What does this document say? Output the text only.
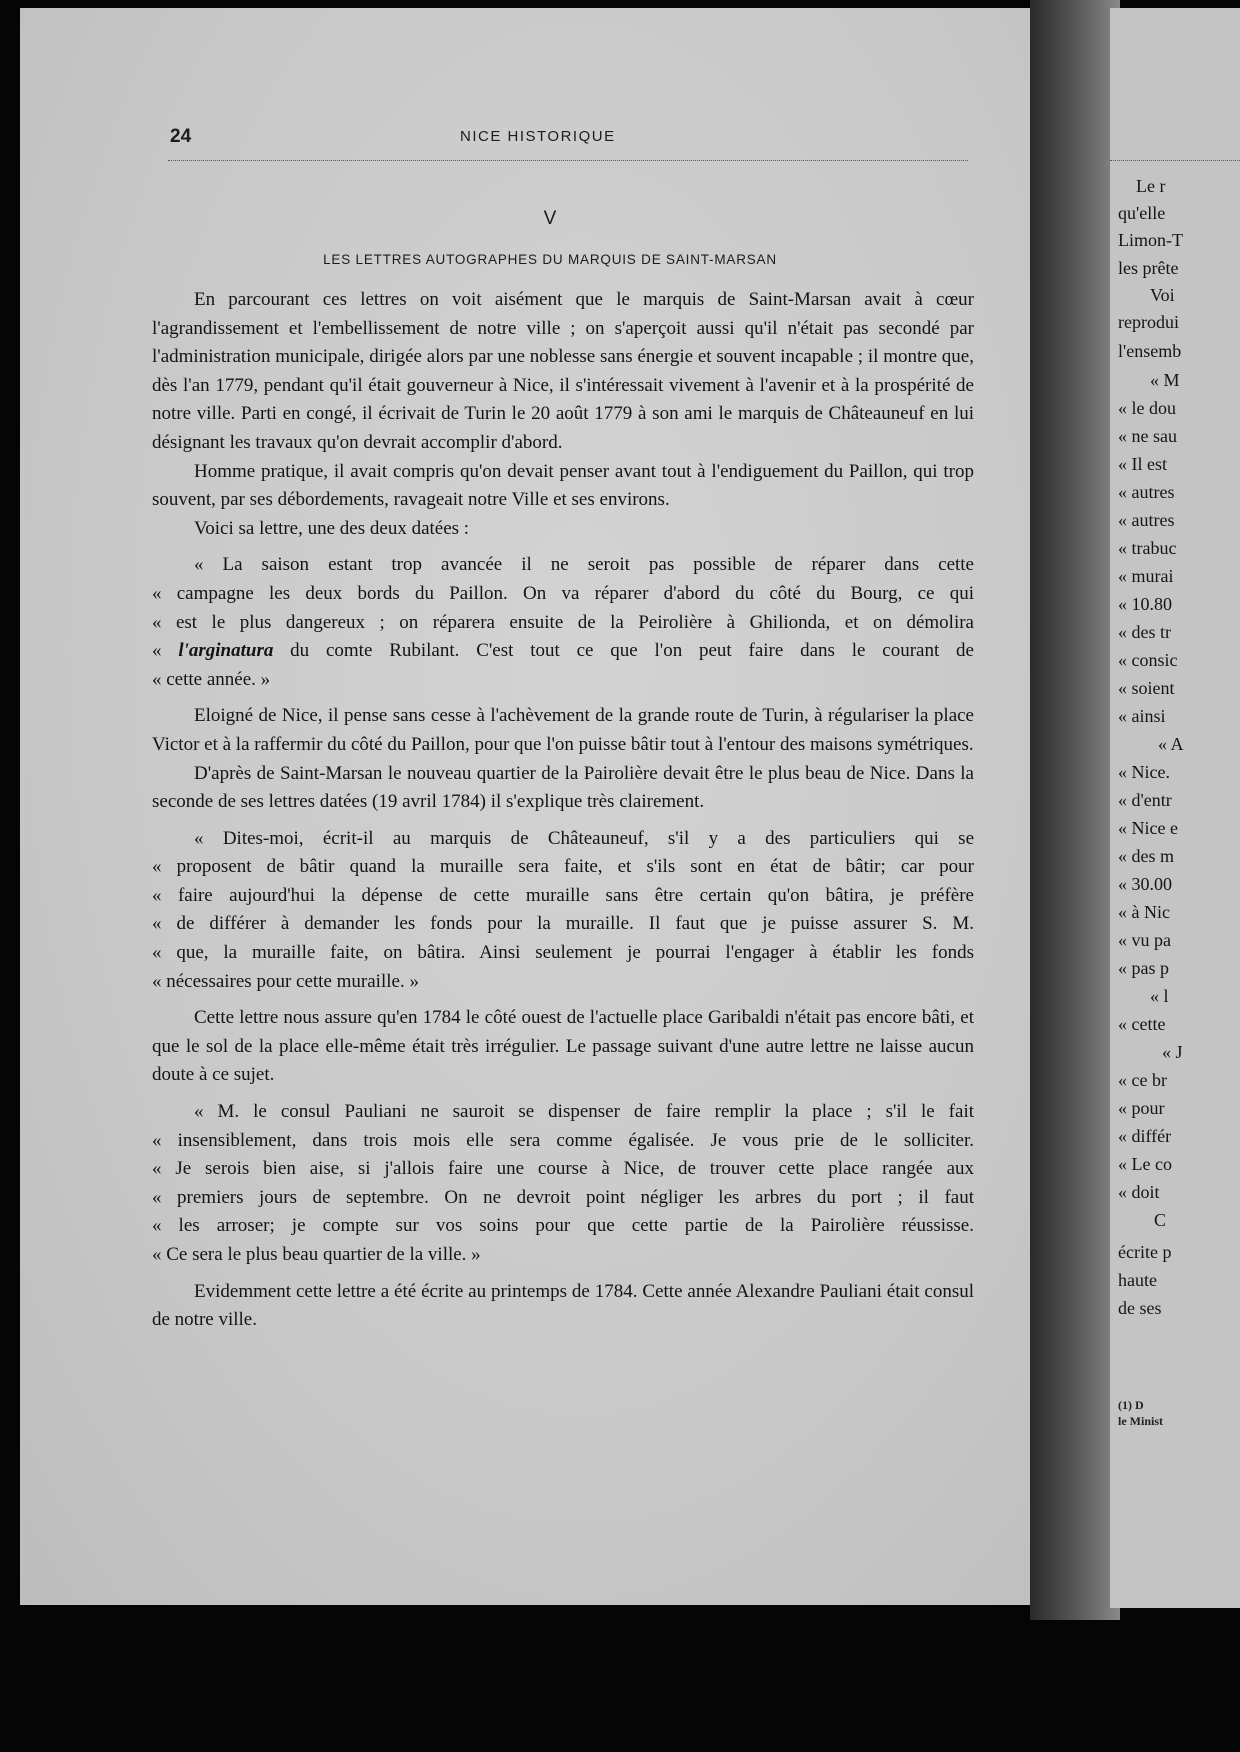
24	NICE HISTORIQUE
V
LES LETTRES AUTOGRAPHES DU MARQUIS DE SAINT-MARSAN

En parcourant ces lettres on voit aisément que le marquis de Saint-Marsan avait à cœur l'agrandissement et l'embellissement de notre ville ; on s'aperçoit aussi qu'il n'était pas secondé par l'administration municipale, dirigée alors par une noblesse sans énergie et souvent incapable ; il montre que, dès l'an 1779, pendant qu'il était gouverneur à Nice, il s'intéressait vivement à l'avenir et à la prospérité de notre ville. Parti en congé, il écrivait de Turin le 20 août 1779 à son ami le marquis de Châteauneuf en lui désignant les travaux qu'on devrait accomplir d'abord.

Homme pratique, il avait compris qu'on devait penser avant tout à l'endiguement du Paillon, qui trop souvent, par ses débordements, ravageait notre Ville et ses environs.

Voici sa lettre, une des deux datées :

« La saison estant trop avancée il ne seroit pas possible de réparer dans cette
« campagne les deux bords du Paillon. On va réparer d'abord du côté du Bourg, ce qui
« est le plus dangereux ; on réparera ensuite de la Peirolière à Ghilionda, et on démolira
« l'arginatura du comte Rubilant. C'est tout ce que l'on peut faire dans le courant de
« cette année. »

Eloigné de Nice, il pense sans cesse à l'achèvement de la grande route de Turin, à régulariser la place Victor et à la raffermir du côté du Paillon, pour que l'on puisse bâtir tout à l'entour des maisons symétriques.

D'après de Saint-Marsan le nouveau quartier de la Pairolière devait être le plus beau de Nice. Dans la seconde de ses lettres datées (19 avril 1784) il s'explique très clairement.

« Dites-moi, écrit-il au marquis de Châteauneuf, s'il y a des particuliers qui se
« proposent de bâtir quand la muraille sera faite, et s'ils sont en état de bâtir; car pour
« faire aujourd'hui la dépense de cette muraille sans être certain qu'on bâtira, je préfère
« de différer à demander les fonds pour la muraille. Il faut que je puisse assurer S. M.
« que, la muraille faite, on bâtira. Ainsi seulement je pourrai l'engager à établir les fonds
« nécessaires pour cette muraille. »

Cette lettre nous assure qu'en 1784 le côté ouest de l'actuelle place Garibaldi n'était pas encore bâti, et que le sol de la place elle-même était très irrégulier. Le passage suivant d'une autre lettre ne laisse aucun doute à ce sujet.

« M. le consul Pauliani ne sauroit se dispenser de faire remplir la place ; s'il le fait
« insensiblement, dans trois mois elle sera comme égalisée. Je vous prie de le solliciter.
« Je serois bien aise, si j'allois faire une course à Nice, de trouver cette place rangée aux
« premiers jours de septembre. On ne devroit point négliger les arbres du port ; il faut
« les arroser; je compte sur vos soins pour que cette partie de la Pairolière réussisse.
« Ce sera le plus beau quartier de la ville. »

Evidemment cette lettre a été écrite au printemps de 1784. Cette année Alexandre Pauliani était consul de notre ville.

Le r
qu'elle
Limon-T
les prête
Voi
reprodui
l'ensemb
« M
« le dou
« ne sau
« Il est
« autres
« autres
« trabuc
« murai
« 10.80
« des tr
« consic
« soient
« ainsi
« A
« Nice.
« d'entr
« Nice e
« des m
« 30.00
« à Nic
« vu pa
« pas p
« l
« cette
« J
« ce br
« pour
« différ
« Le co
« doit
C
écrite p
haute
de ses
(1) D
le Minist
